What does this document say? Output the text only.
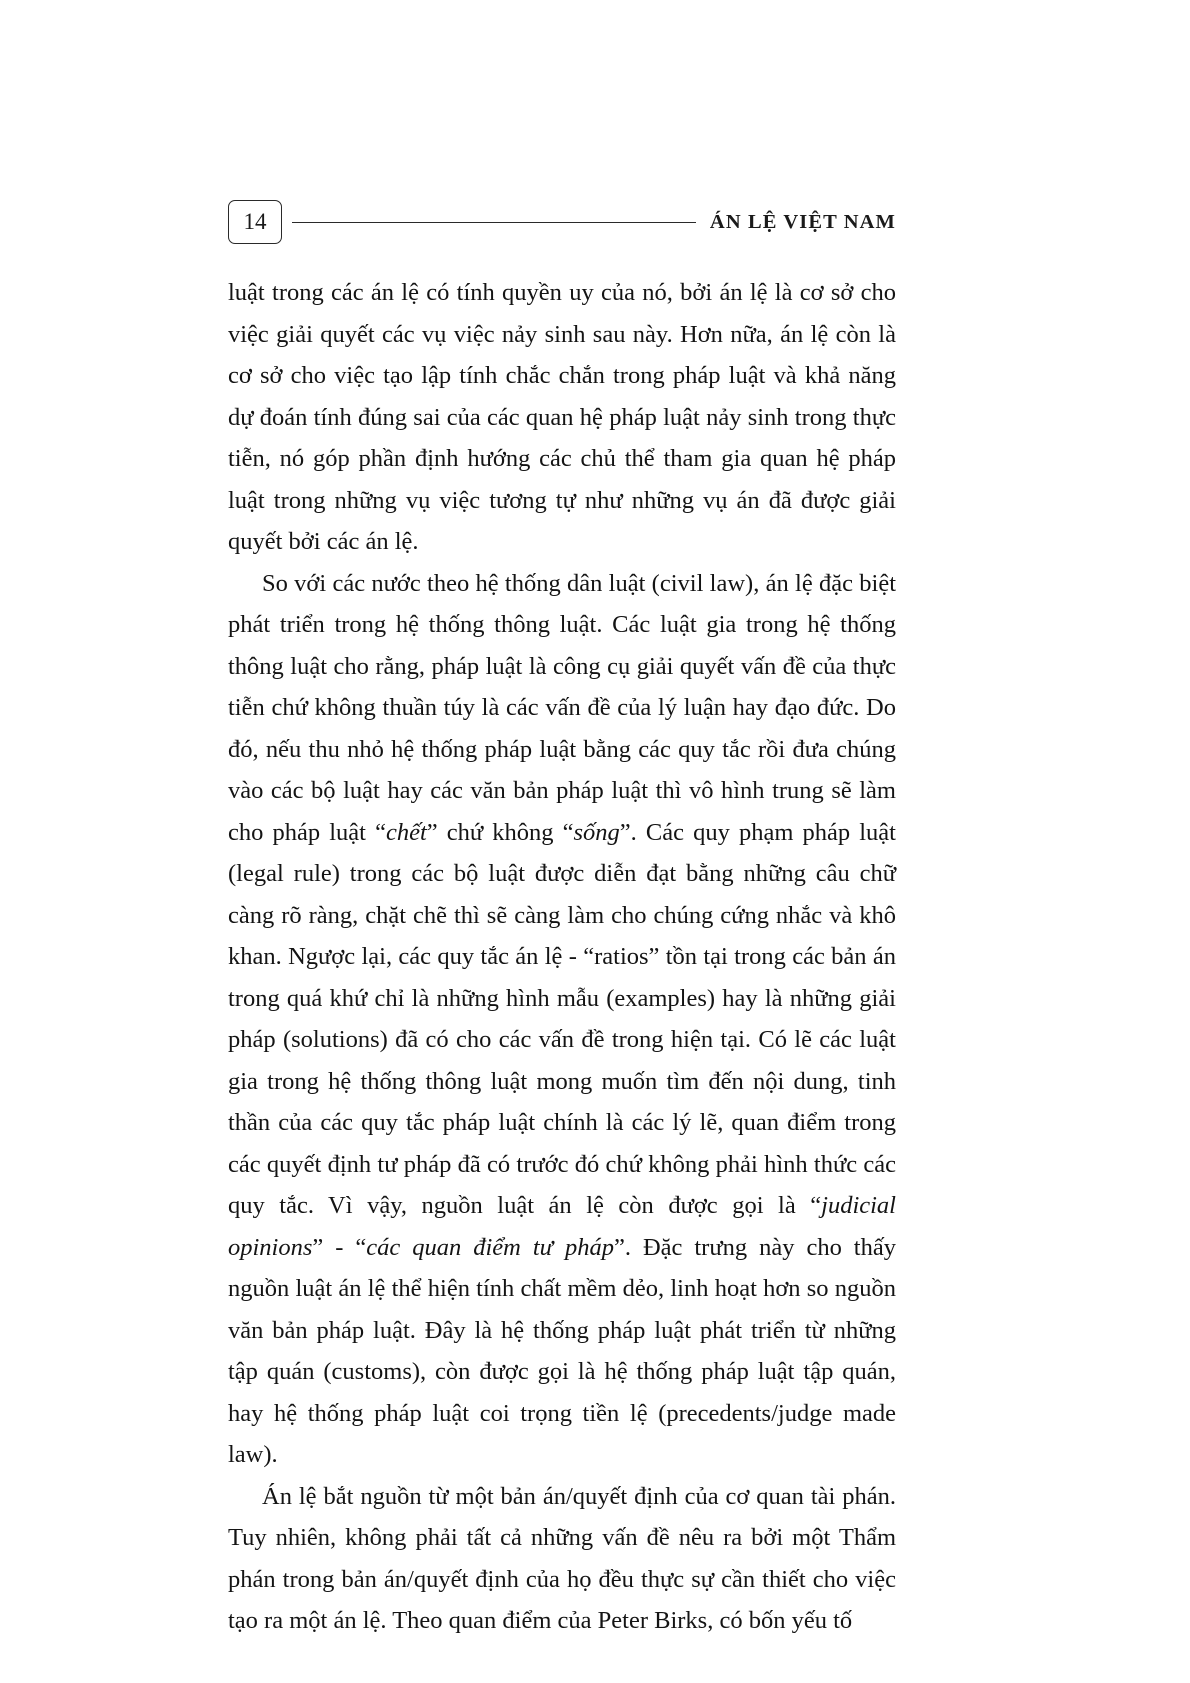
14	ÁN LỆ VIỆT NAM

luật trong các án lệ có tính quyền uy của nó, bởi án lệ là cơ sở cho việc giải quyết các vụ việc nảy sinh sau này. Hơn nữa, án lệ còn là cơ sở cho việc tạo lập tính chắc chắn trong pháp luật và khả năng dự đoán tính đúng sai của các quan hệ pháp luật nảy sinh trong thực tiễn, nó góp phần định hướng các chủ thể tham gia quan hệ pháp luật trong những vụ việc tương tự như những vụ án đã được giải quyết bởi các án lệ.

So với các nước theo hệ thống dân luật (civil law), án lệ đặc biệt phát triển trong hệ thống thông luật. Các luật gia trong hệ thống thông luật cho rằng, pháp luật là công cụ giải quyết vấn đề của thực tiễn chứ không thuần túy là các vấn đề của lý luận hay đạo đức. Do đó, nếu thu nhỏ hệ thống pháp luật bằng các quy tắc rồi đưa chúng vào các bộ luật hay các văn bản pháp luật thì vô hình trung sẽ làm cho pháp luật “chết” chứ không “sống”. Các quy phạm pháp luật (legal rule) trong các bộ luật được diễn đạt bằng những câu chữ càng rõ ràng, chặt chẽ thì sẽ càng làm cho chúng cứng nhắc và khô khan. Ngược lại, các quy tắc án lệ - “ratios” tồn tại trong các bản án trong quá khứ chỉ là những hình mẫu (examples) hay là những giải pháp (solutions) đã có cho các vấn đề trong hiện tại. Có lẽ các luật gia trong hệ thống thông luật mong muốn tìm đến nội dung, tinh thần của các quy tắc pháp luật chính là các lý lẽ, quan điểm trong các quyết định tư pháp đã có trước đó chứ không phải hình thức các quy tắc. Vì vậy, nguồn luật án lệ còn được gọi là “judicial opinions” - “các quan điểm tư pháp”. Đặc trưng này cho thấy nguồn luật án lệ thể hiện tính chất mềm dẻo, linh hoạt hơn so nguồn văn bản pháp luật. Đây là hệ thống pháp luật phát triển từ những tập quán (customs), còn được gọi là hệ thống pháp luật tập quán, hay hệ thống pháp luật coi trọng tiền lệ (precedents/judge made law).

Án lệ bắt nguồn từ một bản án/quyết định của cơ quan tài phán. Tuy nhiên, không phải tất cả những vấn đề nêu ra bởi một Thẩm phán trong bản án/quyết định của họ đều thực sự cần thiết cho việc tạo ra một án lệ. Theo quan điểm của Peter Birks, có bốn yếu tố
